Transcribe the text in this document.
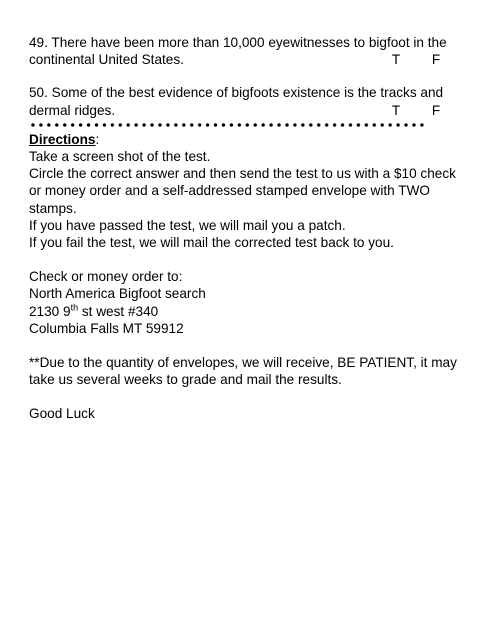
49. There have been more than 10,000 eyewitnesses to bigfoot in the
continental United States.	T F
50. Some of the best evidence of bigfoots existence is the tracks and
dermal ridges.	T F
Directions:
Take a screen shot of the test.
Circle the correct answer and then send the test to us with a $10 check
or money order and a self-addressed stamped envelope with TWO
stamps.
If you have passed the test, we will mail you a patch.
If you fail the test, we will mail the corrected test back to you.
Check or money order to:
North America Bigfoot search
2130 9th st west #340
Columbia Falls MT 59912
**Due to the quantity of envelopes, we will receive, BE PATIENT, it may
take us several weeks to grade and mail the results.
Good Luck
